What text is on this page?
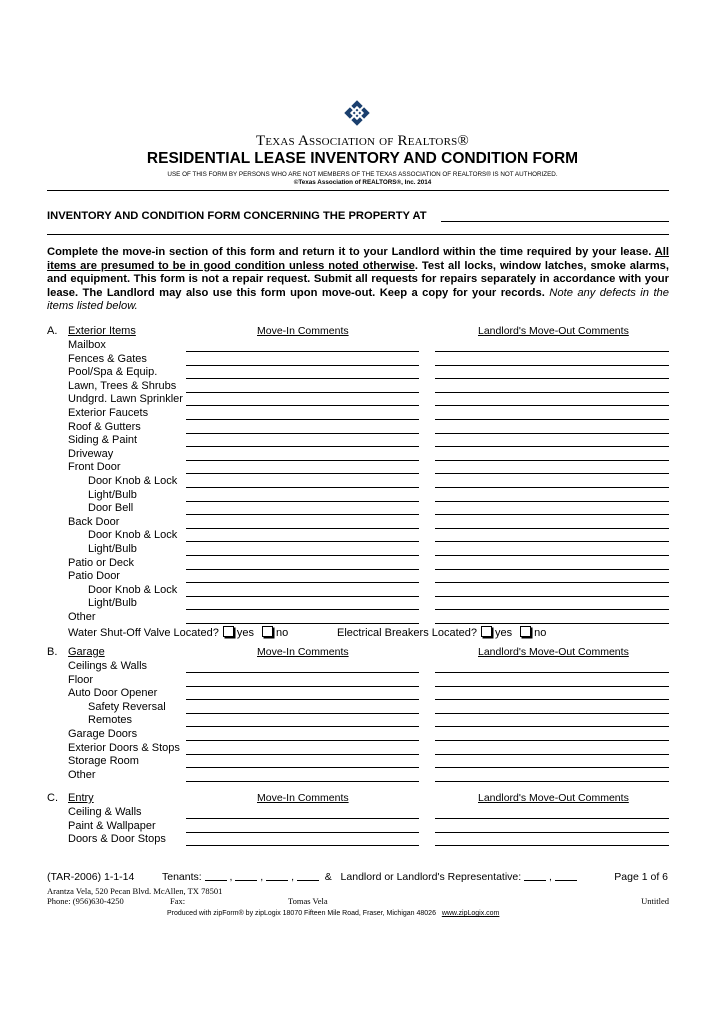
Texas Association of Realtors®
RESIDENTIAL LEASE INVENTORY AND CONDITION FORM
USE OF THIS FORM BY PERSONS WHO ARE NOT MEMBERS OF THE TEXAS ASSOCIATION OF REALTORS® IS NOT AUTHORIZED.
©Texas Association of REALTORS®, Inc. 2014
INVENTORY AND CONDITION FORM CONCERNING THE PROPERTY AT
Complete the move-in section of this form and return it to your Landlord within the time required by your lease. All items are presumed to be in good condition unless noted otherwise. Test all locks, window latches, smoke alarms, and equipment. This form is not a repair request. Submit all requests for repairs separately in accordance with your lease. The Landlord may also use this form upon move-out. Keep a copy for your records. Note any defects in the items listed below.
A. Exterior Items	Move-In Comments	Landlord's Move-Out Comments
Mailbox
Fences & Gates
Pool/Spa & Equip.
Lawn, Trees & Shrubs
Undgrd. Lawn Sprinkler
Exterior Faucets
Roof & Gutters
Siding & Paint
Driveway
Front Door
Door Knob & Lock
Light/Bulb
Door Bell
Back Door
Door Knob & Lock
Light/Bulb
Patio or Deck
Patio Door
Door Knob & Lock
Light/Bulb
Other
Water Shut-Off Valve Located? yes no	Electrical Breakers Located? yes no
B. Garage	Move-In Comments	Landlord's Move-Out Comments
Ceilings & Walls
Floor
Auto Door Opener
Safety Reversal
Remotes
Garage Doors
Exterior Doors & Stops
Storage Room
Other
C. Entry	Move-In Comments	Landlord's Move-Out Comments
Ceiling & Walls
Paint & Wallpaper
Doors & Door Stops
(TAR-2006) 1-1-14	Tenants:  ,  ,  ,	& Landlord or Landlord's Representative:  ,	Page 1 of 6
Arantza Vela, 520 Pecan Blvd. McAllen, TX 78501
Phone: (956)630-4250	Fax:	Tomas Vela	Untitled
Produced with zipForm® by zipLogix 18070 Fifteen Mile Road, Fraser, Michigan 48026 www.zipLogix.com
